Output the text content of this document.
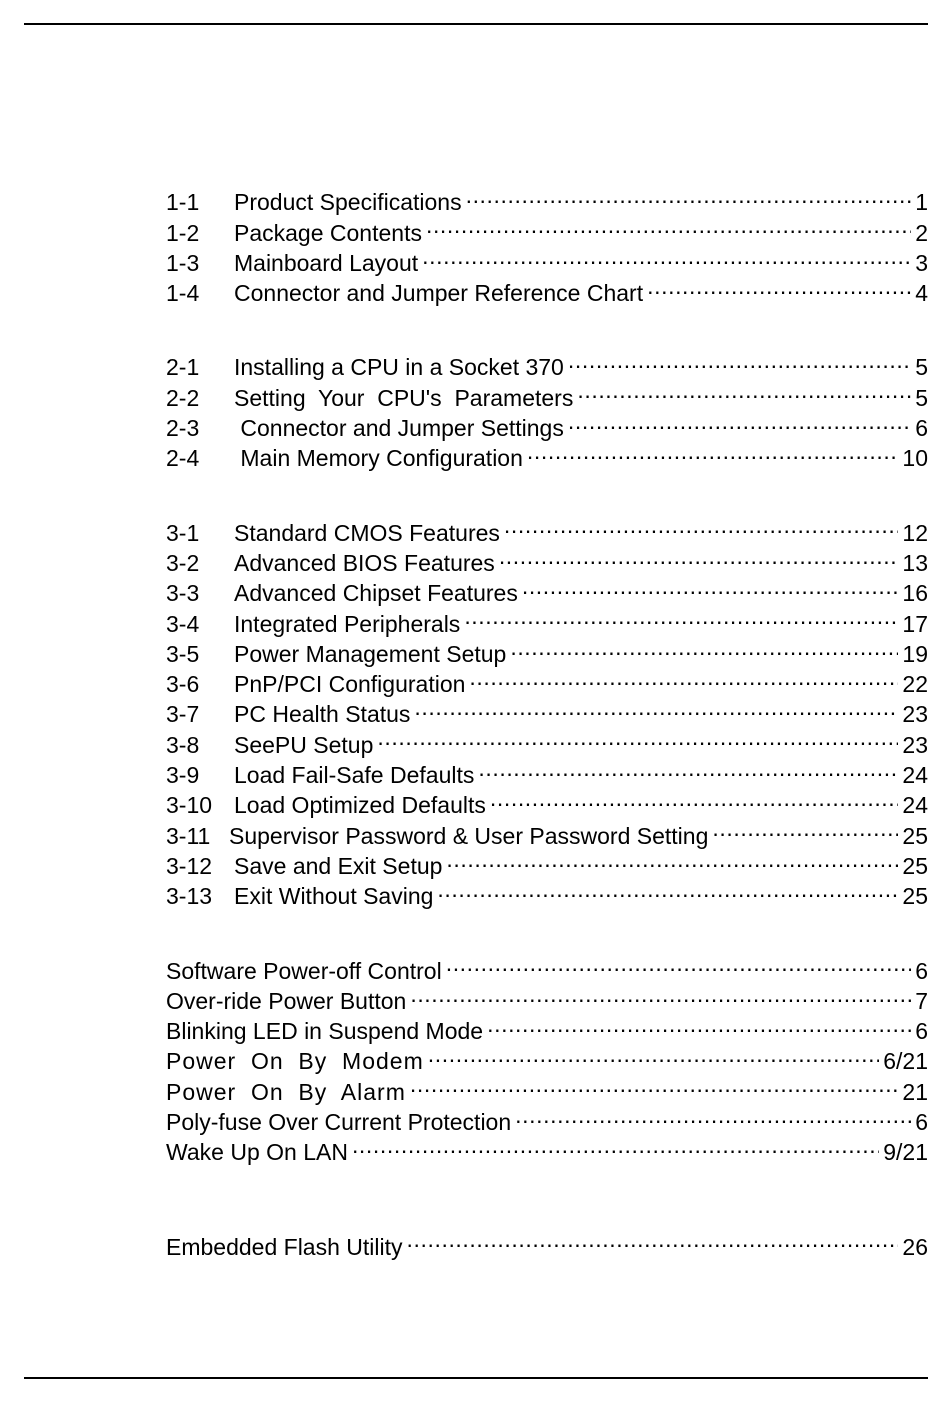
1-1	Product Specifications .....	1
1-2	Package Contents .....	2
1-3	Mainboard Layout .....	3
1-4	Connector and Jumper Reference Chart .....	4
2-1	Installing a CPU in a Socket 370 .....	5
2-2	Setting  Your  CPU's  Parameters .....	5
2-3	Connector and Jumper Settings .....	6
2-4	Main Memory Configuration .....	10
3-1	Standard CMOS Features .....	12
3-2	Advanced BIOS Features .....	13
3-3	Advanced Chipset Features .....	16
3-4	Integrated Peripherals .....	17
3-5	Power Management Setup .....	19
3-6	PnP/PCI Configuration .....	22
3-7	PC Health Status .....	23
3-8	SeePU Setup .....	23
3-9	Load Fail-Safe Defaults .....	24
3-10 Load Optimized Defaults .....	24
3-11 Supervisor Password & User Password Setting .....	25
3-12 Save and Exit Setup .....	25
3-13 Exit Without Saving .....	25
Software Power-off Control .....	6
Over-ride Power Button .....	7
Blinking LED in Suspend Mode .....	6
Power  On  By  Modem .....	6/21
Power  On  By  Alarm .....	21
Poly-fuse Over Current Protection .....	6
Wake Up On LAN .....	9/21
Embedded Flash Utility .....	26
